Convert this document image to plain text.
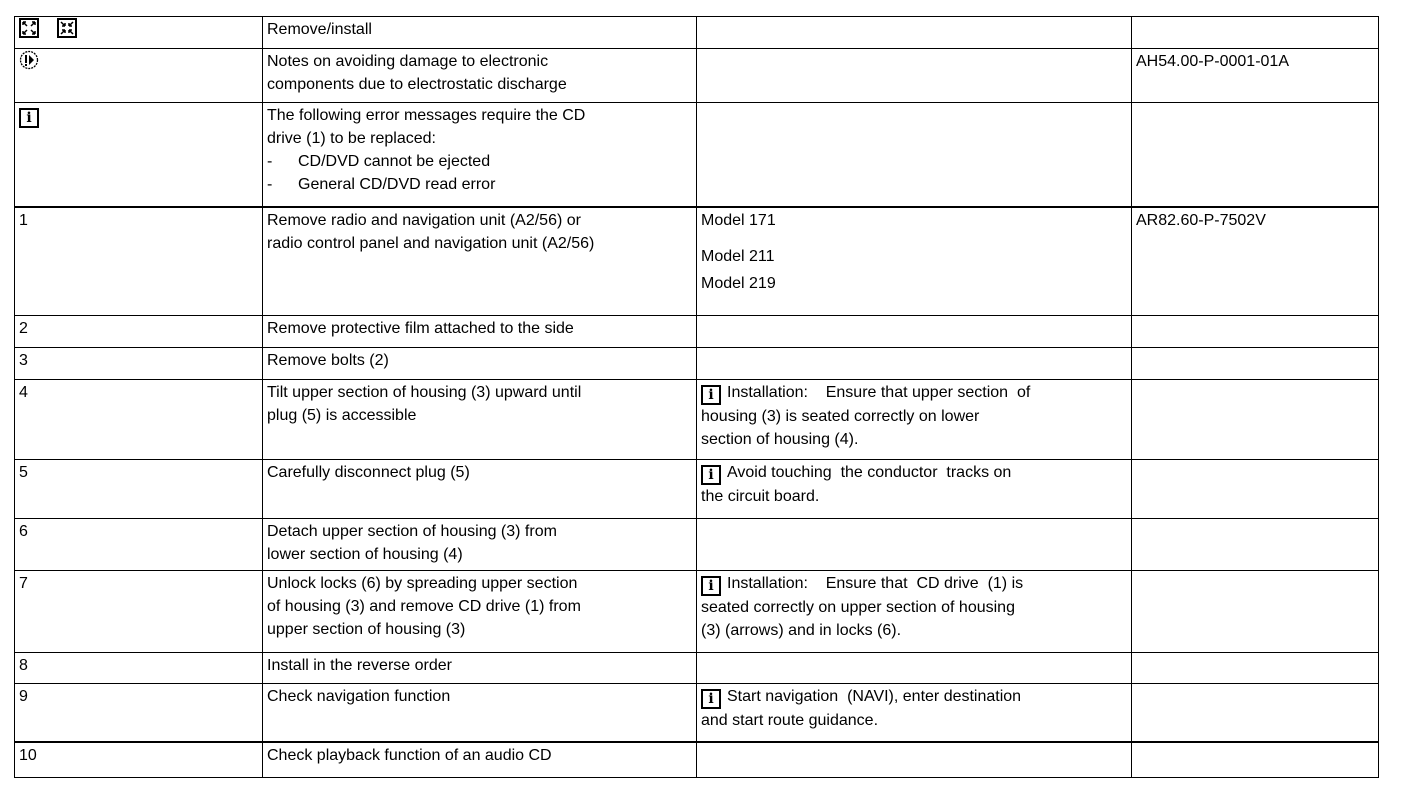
	Remove/install		

Notes on avoiding damage to electronic
components due to electrostatic discharge		AH54.00-P-0001-01A
i	The following error messages require the CD
drive (1) to be replaced:
- CD/DVD cannot be ejected
- General CD/DVD read error		

1	Remove radio and navigation unit (A2/56) or
radio control panel and navigation unit (A2/56)	Model 171
Model 211
Model 219	AR82.60-P-7502V
2	Remove protective film attached to the side		

3	Remove bolts (2)		

4	Tilt upper section of housing (3) upward until
plug (5) is accessible	i Installation:    Ensure that upper section  of
housing (3) is seated correctly on lower
section of housing (4).	

5	Carefully disconnect plug (5)	i Avoid touching  the conductor  tracks on
the circuit board.	

6	Detach upper section of housing (3) from
lower section of housing (4)		

7	Unlock locks (6) by spreading upper section
of housing (3) and remove CD drive (1) from
upper section of housing (3)	i Installation:    Ensure that  CD drive  (1) is
seated correctly on upper section of housing
(3) (arrows) and in locks (6).	

8	Install in the reverse order		

9	Check navigation function	i Start navigation  (NAVI), enter destination
and start route guidance.	

10	Check playback function of an audio CD		
